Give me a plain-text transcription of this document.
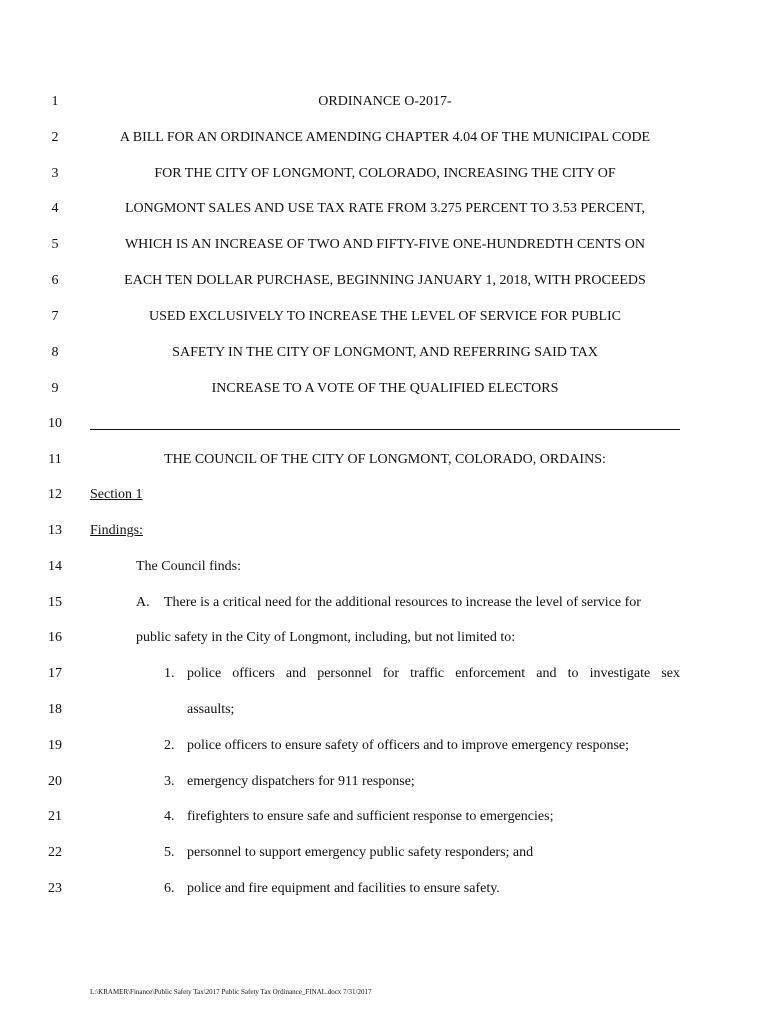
1
2
3
4
5
6
7
8
9
10
11
12
13
14
15
16
17
18
19
20
21
22
23
ORDINANCE O-2017-
A BILL FOR AN ORDINANCE AMENDING CHAPTER 4.04 OF THE MUNICIPAL CODE
FOR THE CITY OF LONGMONT, COLORADO, INCREASING THE CITY OF
LONGMONT SALES AND USE TAX RATE FROM 3.275 PERCENT TO 3.53 PERCENT,
WHICH IS AN INCREASE OF TWO AND FIFTY-FIVE ONE-HUNDREDTH CENTS ON
EACH TEN DOLLAR PURCHASE, BEGINNING JANUARY 1, 2018, WITH PROCEEDS
USED EXCLUSIVELY TO INCREASE THE LEVEL OF SERVICE FOR PUBLIC
SAFETY IN THE CITY OF LONGMONT, AND REFERRING SAID TAX
INCREASE TO A VOTE OF THE QUALIFIED ELECTORS
THE COUNCIL OF THE CITY OF LONGMONT, COLORADO, ORDAINS:
Section 1
Findings:
The Council finds:
A. There is a critical need for the additional resources to increase the level of service for
public safety in the City of Longmont, including, but not limited to:
1. police officers and personnel for traffic enforcement and to investigate sex
assaults;
2. police officers to ensure safety of officers and to improve emergency response;
3. emergency dispatchers for 911 response;
4. firefighters to ensure safe and sufficient response to emergencies;
5. personnel to support emergency public safety responders; and
6. police and fire equipment and facilities to ensure safety.
L:\KRAMER\Finance\Public Safety Tax\2017 Public Safety Tax Ordinance_FINAL.docx 7/31/2017
